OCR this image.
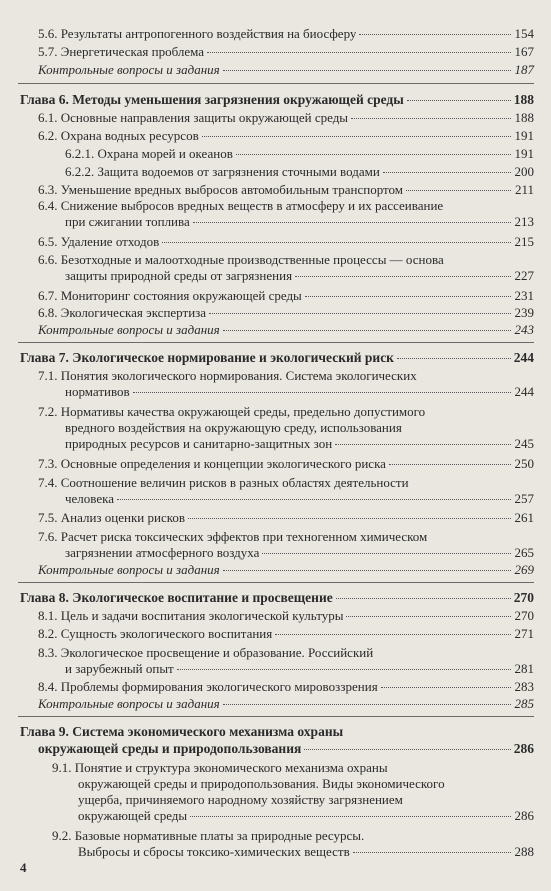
5.6. Результаты антропогенного воздействия на биосферу	154
5.7. Энергетическая проблема	167
Контрольные вопросы и задания	187
Глава 6. Методы уменьшения загрязнения окружающей среды	188
6.1. Основные направления защиты окружающей среды	188
6.2. Охрана водных ресурсов	191
6.2.1. Охрана морей и океанов	191
6.2.2. Защита водоемов от загрязнения сточными водами	200
6.3. Уменьшение вредных выбросов автомобильным транспортом	211
6.4. Снижение выбросов вредных веществ в атмосферу и их рассеивание
при сжигании топлива	213
6.5. Удаление отходов	215
6.6. Безотходные и малоотходные производственные процессы — основа
защиты природной среды от загрязнения	227
6.7. Мониторинг состояния окружающей среды	231
6.8. Экологическая экспертиза	239
Контрольные вопросы и задания	243
Глава 7. Экологическое нормирование и экологический риск	244
7.1. Понятия экологического нормирования. Система экологических
нормативов	244
7.2. Нормативы качества окружающей среды, предельно допустимого
вредного воздействия на окружающую среду, использования
природных ресурсов и санитарно-защитных зон	245
7.3. Основные определения и концепции экологического риска	250
7.4. Соотношение величин рисков в разных областях деятельности
человека	257
7.5. Анализ оценки рисков	261
7.6. Расчет риска токсических эффектов при техногенном химическом
загрязнении атмосферного воздуха	265
Контрольные вопросы и задания	269
Глава 8. Экологическое воспитание и просвещение	270
8.1. Цель и задачи воспитания экологической культуры	270
8.2. Сущность экологического воспитания	271
8.3. Экологическое просвещение и образование. Российский
и зарубежный опыт	281
8.4. Проблемы формирования экологического мировоззрения	283
Контрольные вопросы и задания	285
Глава 9. Система экономического механизма охраны
окружающей среды и природопользования	286
9.1. Понятие и структура экономического механизма охраны
окружающей среды и природопользования. Виды экономического
ущерба, причиняемого народному хозяйству загрязнением
окружающей среды	286
9.2. Базовые нормативные платы за природные ресурсы.
Выбросы и сбросы токсико-химических веществ	288
4
